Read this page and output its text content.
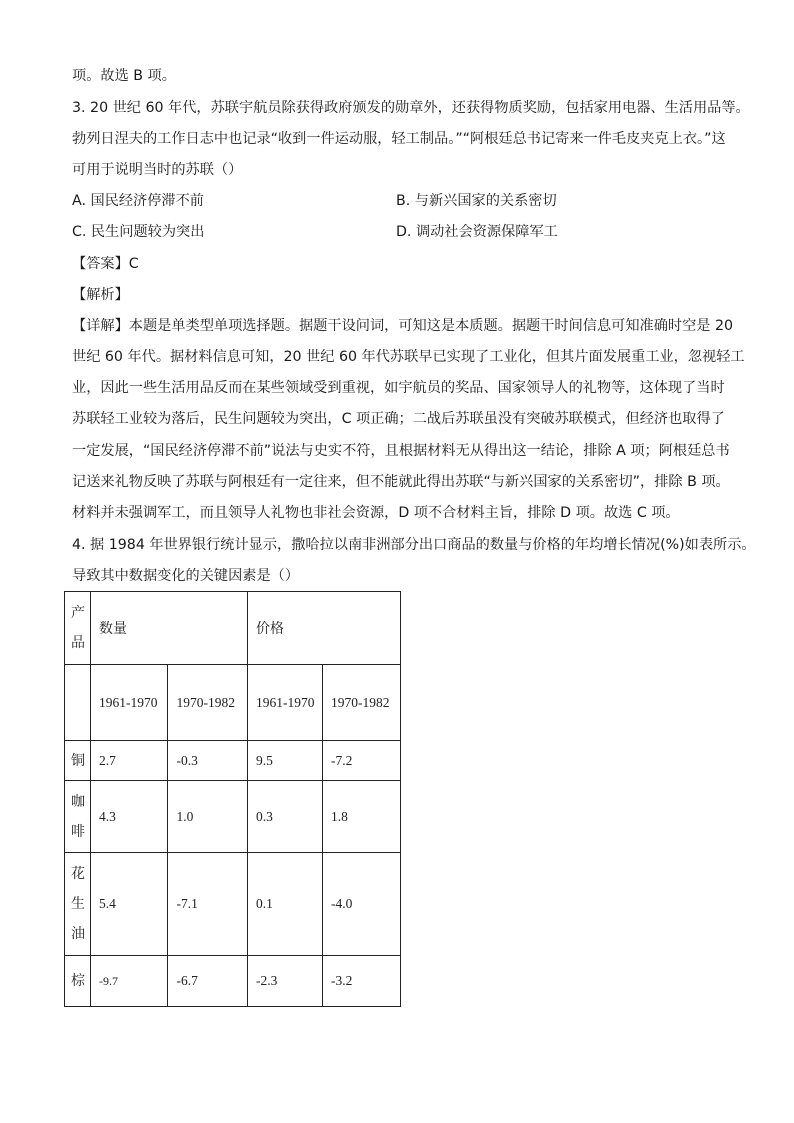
项。故选 B 项。
3. 20 世纪 60 年代，苏联宇航员除获得政府颁发的勋章外，还获得物质奖励，包括家用电器、生活用品等。
勃列日涅夫的工作日志中也记录“收到一件运动服，轻工制品。”“阿根廷总书记寄来一件毛皮夹克上衣。”这
可用于说明当时的苏联（）
A. 国民经济停滞不前	B. 与新兴国家的关系密切
C. 民生问题较为突出	D. 调动社会资源保障军工
【答案】C
【解析】
【详解】本题是单类型单项选择题。据题干设问词，可知这是本质题。据题干时间信息可知准确时空是 20
世纪 60 年代。据材料信息可知，20 世纪 60 年代苏联早已实现了工业化，但其片面发展重工业，忽视轻工
业，因此一些生活用品反而在某些领域受到重视，如宇航员的奖品、国家领导人的礼物等，这体现了当时
苏联轻工业较为落后，民生问题较为突出，C 项正确；二战后苏联虽没有突破苏联模式，但经济也取得了
一定发展，“国民经济停滞不前”说法与史实不符，且根据材料无从得出这一结论，排除 A 项；阿根廷总书
记送来礼物反映了苏联与阿根廷有一定往来，但不能就此得出苏联“与新兴国家的关系密切”，排除 B 项。
材料并未强调军工，而且领导人礼物也非社会资源，D 项不合材料主旨，排除 D 项。故选 C 项。
4. 据 1984 年世界银行统计显示，撒哈拉以南非洲部分出口商品的数量与价格的年均增长情况(%)如表所示。
导致其中数据变化的关键因素是（）
产
品	数量		价格	
	1961-1970	1970-1982	1961-1970	1970-1982

铜	2.7	-0.3	9.5	-7.2

咖
啡	4.3	1.0	0.3	1.8

花
生
油	5.4	-7.1	0.1	-4.0

棕	-9.7	-6.7	-2.3	-3.2
